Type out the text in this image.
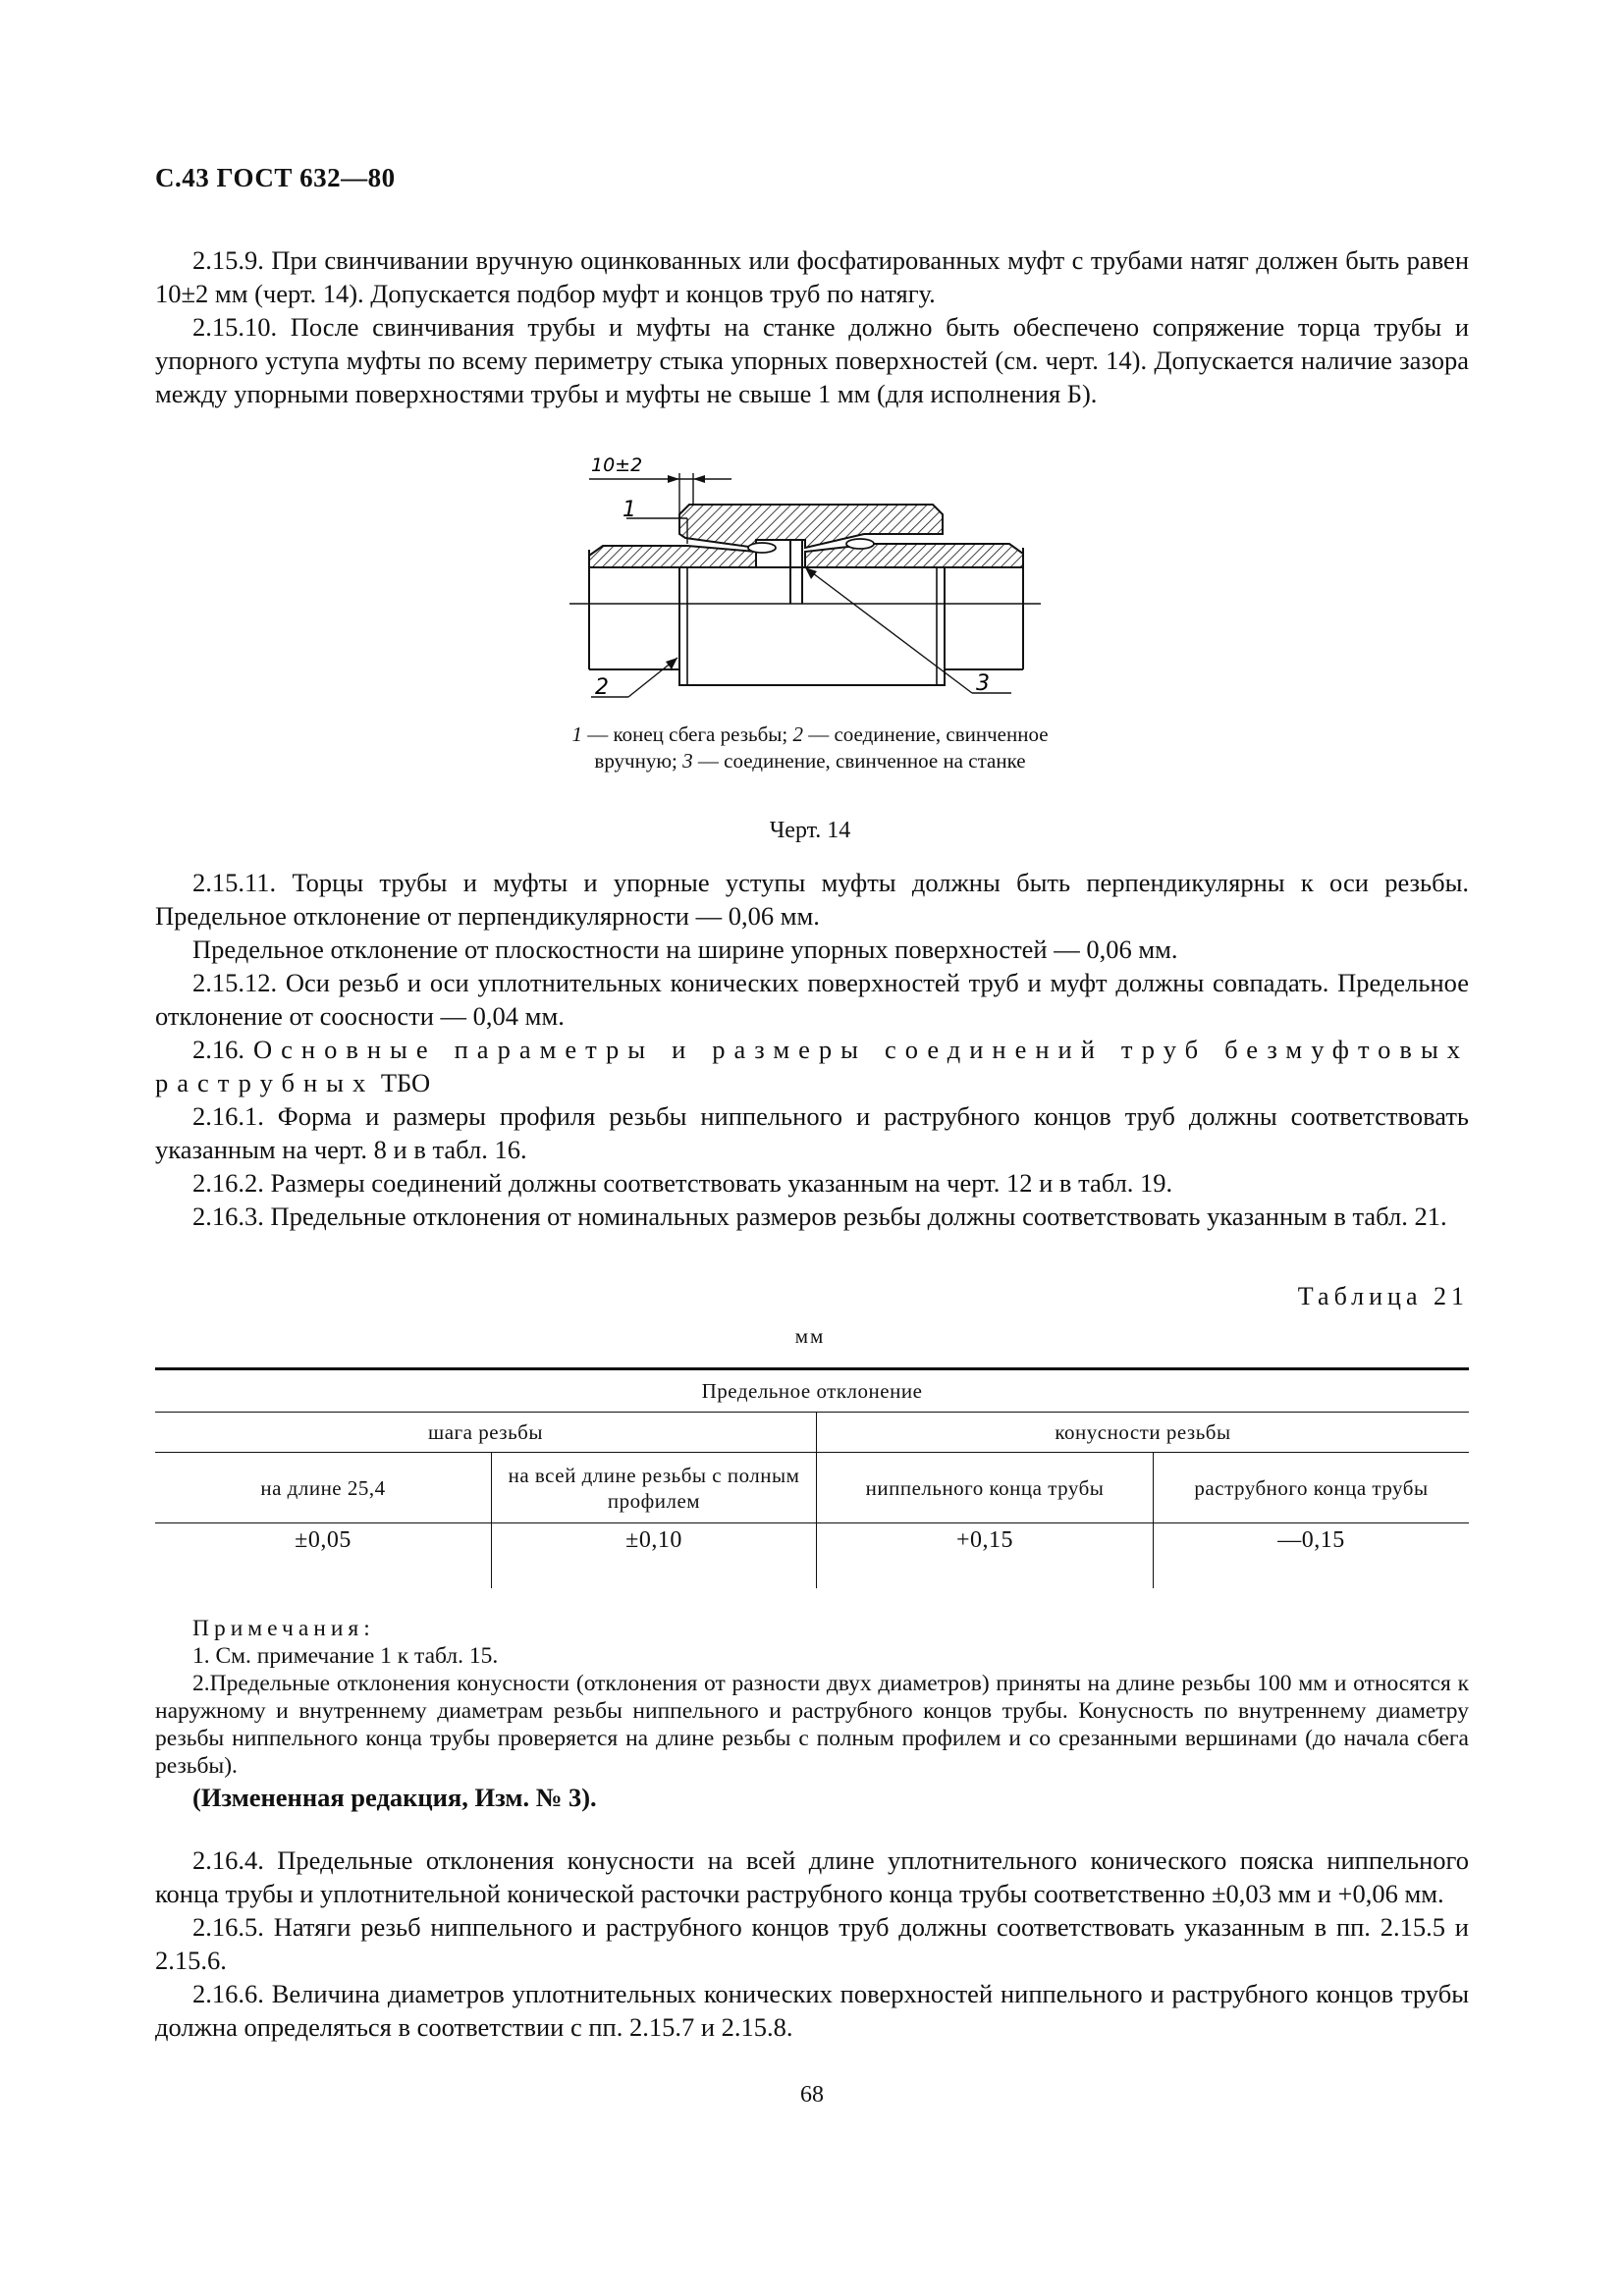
С.43 ГОСТ 632—80

2.15.9. При свинчивании вручную оцинкованных или фосфатированных муфт с трубами натяг должен быть равен 10±2 мм (черт. 14). Допускается подбор муфт и концов труб по натягу.

2.15.10. После свинчивания трубы и муфты на станке должно быть обеспечено сопряжение торца трубы и упорного уступа муфты по всему периметру стыка упорных поверхностей (см. черт. 14). Допускается наличие зазора между упорными поверхностями трубы и муфты не свыше 1 мм (для исполнения Б).

10±2
1
2	3
1 — конец сбега резьбы; 2 — соединение, свинченное вручную; 3 — соединение, свинченное на станке
Черт. 14

2.15.11. Торцы трубы и муфты и упорные уступы муфты должны быть перпендикулярны к оси резьбы. Предельное отклонение от перпендикулярности — 0,06 мм.

Предельное отклонение от плоскостности на ширине упорных поверхностей — 0,06 мм.

2.15.12. Оси резьб и оси уплотнительных конических поверхностей труб и муфт должны совпадать. Предельное отклонение от соосности — 0,04 мм.

2.16. Основные параметры и размеры соединений труб безмуфтовых раструбных ТБО

2.16.1. Форма и размеры профиля резьбы ниппельного и раструбного концов труб должны соответствовать указанным на черт. 8 и в табл. 16.

2.16.2. Размеры соединений должны соответствовать указанным на черт. 12 и в табл. 19.

2.16.3. Предельные отклонения от номинальных размеров резьбы должны соответствовать указанным в табл. 21.

Таблица 21
мм
Предельное отклонение			
шага резьбы		конусности резьбы	
на длине 25,4	на всей длине резьбы с полным профилем	ниппельного конца трубы	раструбного конца трубы
±0,05	±0,10	+0,15	—0,15

Примечания:

1. См. примечание 1 к табл. 15.

2.Предельные отклонения конусности (отклонения от разности двух диаметров) приняты на длине резьбы 100 мм и относятся к наружному и внутреннему диаметрам резьбы ниппельного и раструбного концов трубы. Конусность по внутреннему диаметру резьбы ниппельного конца трубы проверяется на длине резьбы с полным профилем и со срезанными вершинами (до начала сбега резьбы).

(Измененная редакция, Изм. № 3).

2.16.4. Предельные отклонения конусности на всей длине уплотнительного конического пояска ниппельного конца трубы и уплотнительной конической расточки раструбного конца трубы соответственно ±0,03 мм и +0,06 мм.

2.16.5. Натяги резьб ниппельного и раструбного концов труб должны соответствовать указанным в пп. 2.15.5 и 2.15.6.

2.16.6. Величина диаметров уплотнительных конических поверхностей ниппельного и раструбного концов трубы должна определяться в соответствии с пп. 2.15.7 и 2.15.8.

68
